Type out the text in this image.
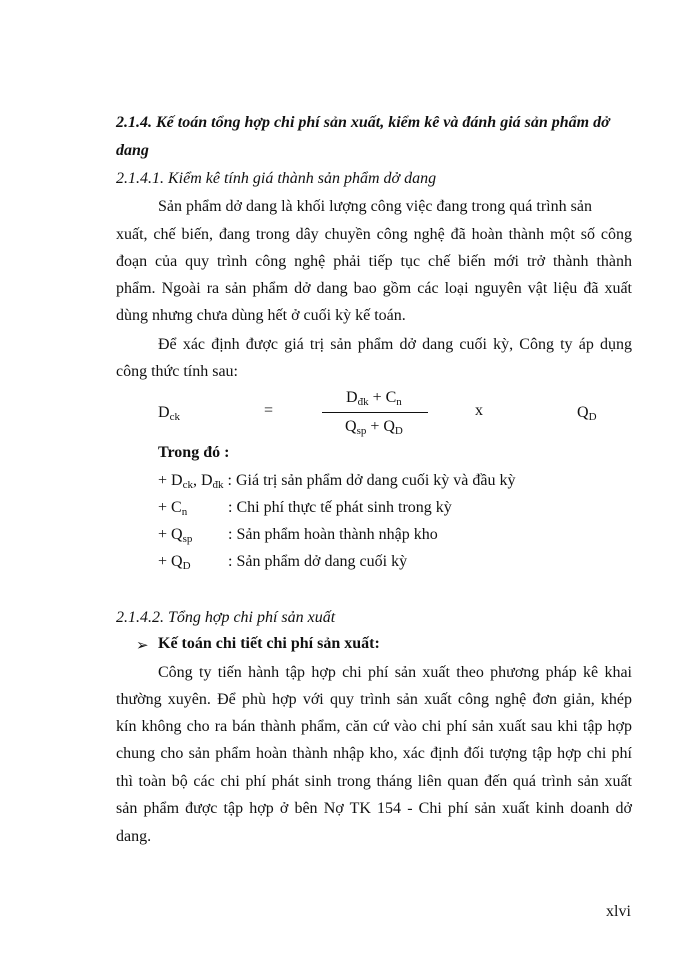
2.1.4. Kế toán tổng hợp chi phí sản xuất, kiểm kê và đánh giá sản phẩm dở
dang
2.1.4.1. Kiểm kê tính giá thành sản phẩm dở dang
Sản phẩm dở dang là khối lượng công việc đang trong quá trình sản
xuất, chế biến, đang trong dây chuyền công nghệ đã hoàn thành một số công
đoạn của quy trình công nghệ phải tiếp tục chế biến mới trở thành thành
phẩm. Ngoài ra sản phẩm dở dang bao gồm các loại nguyên vật liệu đã xuất
dùng nhưng chưa dùng hết ở cuối kỳ kế toán.
Để xác định được giá trị sản phẩm dở dang cuối kỳ, Công ty áp dụng
công thức tính sau:
$D_{ck}$	=
$D_{đk} + C_n$
$Q_{sp} + Q_D$
x	$Q_D$
Trong đó :
+ $D_{ck}$, $D_{đk}$ : Giá trị sản phẩm dở dang cuối kỳ và đầu kỳ
+ $C_n$	: Chi phí thực tế phát sinh trong kỳ
+ $Q_{sp}$ : Sản phẩm hoàn thành nhập kho
+ $Q_D$ : Sản phẩm dở dang cuối kỳ
2.1.4.2. Tổng hợp chi phí sản xuất
➢ Kế toán chi tiết chi phí sản xuất:
Công ty tiến hành tập hợp chi phí sản xuất theo phương pháp kê khai
thường xuyên. Để phù hợp với quy trình sản xuất công nghệ đơn giản, khép
kín không cho ra bán thành phẩm, căn cứ vào chi phí sản xuất sau khi tập hợp
chung cho sản phẩm hoàn thành nhập kho, xác định đối tượng tập hợp chi phí
thì toàn bộ các chi phí phát sinh trong tháng liên quan đến quá trình sản xuất
sản phẩm được tập hợp ở bên Nợ TK 154 - Chi phí sản xuất kinh doanh dở
dang.
xlvi
